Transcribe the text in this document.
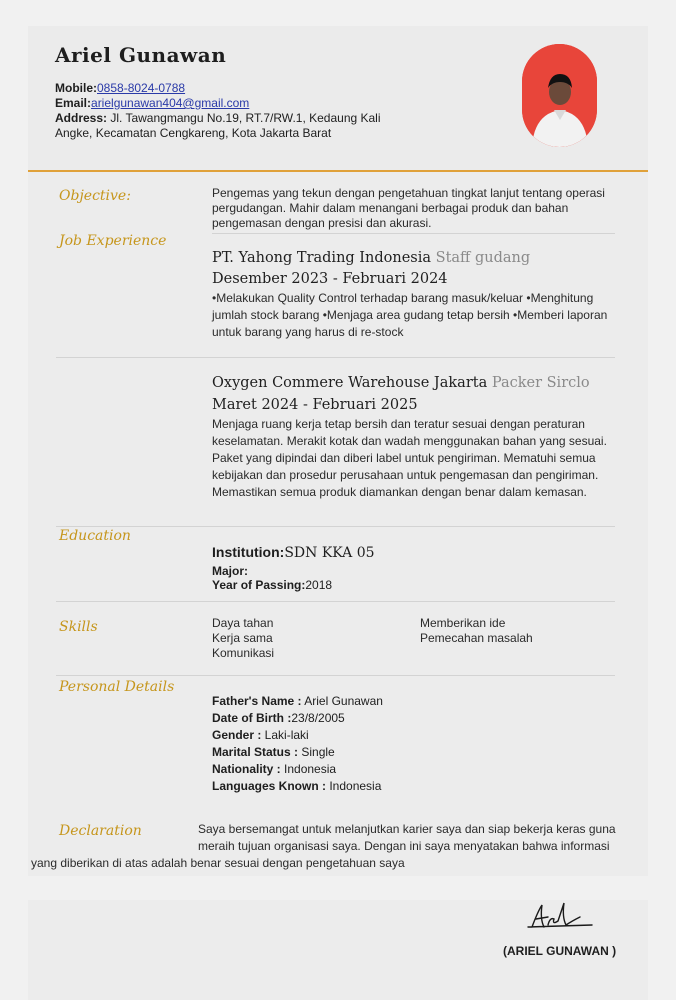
Ariel Gunawan
Mobile:0858-8024-0788
Email:arielgunawan404@gmail.com
Address: Jl. Tawangmangu No.19, RT.7/RW.1, Kedaung Kali Angke, Kecamatan Cengkareng, Kota Jakarta Barat
Objective:	Pengemas yang tekun dengan pengetahuan tingkat lanjut tentang operasi pergudangan. Mahir dalam menangani berbagai produk dan bahan pengemasan dengan presisi dan akurasi.
Job Experience
PT. Yahong Trading Indonesia Staff gudang
Desember 2023 - Februari 2024
•Melakukan Quality Control terhadap barang masuk/keluar •Menghitung jumlah stock barang •Menjaga area gudang tetap bersih •Memberi laporan untuk barang yang harus di re-stock
Oxygen Commere Warehouse Jakarta Packer Sirclo
Maret 2024 - Februari 2025
Menjaga ruang kerja tetap bersih dan teratur sesuai dengan peraturan keselamatan. Merakit kotak dan wadah menggunakan bahan yang sesuai. Paket yang dipindai dan diberi label untuk pengiriman. Mematuhi semua kebijakan dan prosedur perusahaan untuk pengemasan dan pengiriman. Memastikan semua produk diamankan dengan benar dalam kemasan.
Education
Institution:SDN KKA 05
Major:
Year of Passing:2018
Skills	Daya tahan
Kerja sama
Komunikasi
Memberikan ide
Pemecahan masalah
Personal Details
Father's Name : Ariel Gunawan
Date of Birth :23/8/2005
Gender : Laki-laki
Marital Status : Single
Nationality : Indonesia
Languages Known : Indonesia
Declaration	Saya bersemangat untuk melanjutkan karier saya dan siap bekerja keras guna
meraih tujuan organisasi saya. Dengan ini saya menyatakan bahwa informasi
yang diberikan di atas adalah benar sesuai dengan pengetahuan saya
(ARIEL GUNAWAN )
